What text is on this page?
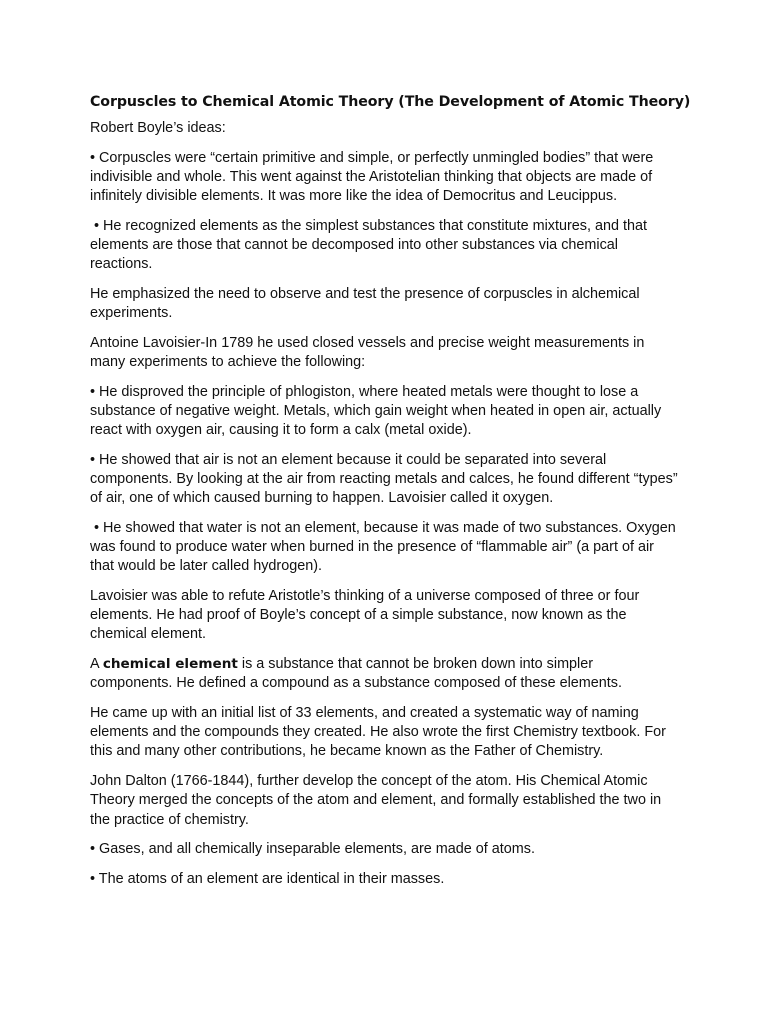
Corpuscles to Chemical Atomic Theory (The Development of Atomic Theory)

Robert Boyle’s ideas:

• Corpuscles were “certain primitive and simple, or perfectly unmingled bodies” that were indivisible and whole. This went against the Aristotelian thinking that objects are made of infinitely divisible elements. It was more like the idea of Democritus and Leucippus.

• He recognized elements as the simplest substances that constitute mixtures, and that elements are those that cannot be decomposed into other substances via chemical reactions.

He emphasized the need to observe and test the presence of corpuscles in alchemical experiments.

Antoine Lavoisier-In 1789 he used closed vessels and precise weight measurements in many experiments to achieve the following:

• He disproved the principle of phlogiston, where heated metals were thought to lose a substance of negative weight. Metals, which gain weight when heated in open air, actually react with oxygen air, causing it to form a calx (metal oxide).

• He showed that air is not an element because it could be separated into several components. By looking at the air from reacting metals and calces, he found different “types” of air, one of which caused burning to happen. Lavoisier called it oxygen.

• He showed that water is not an element, because it was made of two substances. Oxygen was found to produce water when burned in the presence of “flammable air” (a part of air that would be later called hydrogen).

Lavoisier was able to refute Aristotle’s thinking of a universe composed of three or four elements. He had proof of Boyle’s concept of a simple substance, now known as the chemical element.

A chemical element is a substance that cannot be broken down into simpler components. He defined a compound as a substance composed of these elements.

He came up with an initial list of 33 elements, and created a systematic way of naming elements and the compounds they created. He also wrote the first Chemistry textbook. For this and many other contributions, he became known as the Father of Chemistry.

John Dalton (1766-1844), further develop the concept of the atom. His Chemical Atomic Theory merged the concepts of the atom and element, and formally established the two in the practice of chemistry.

• Gases, and all chemically inseparable elements, are made of atoms.

• The atoms of an element are identical in their masses.
